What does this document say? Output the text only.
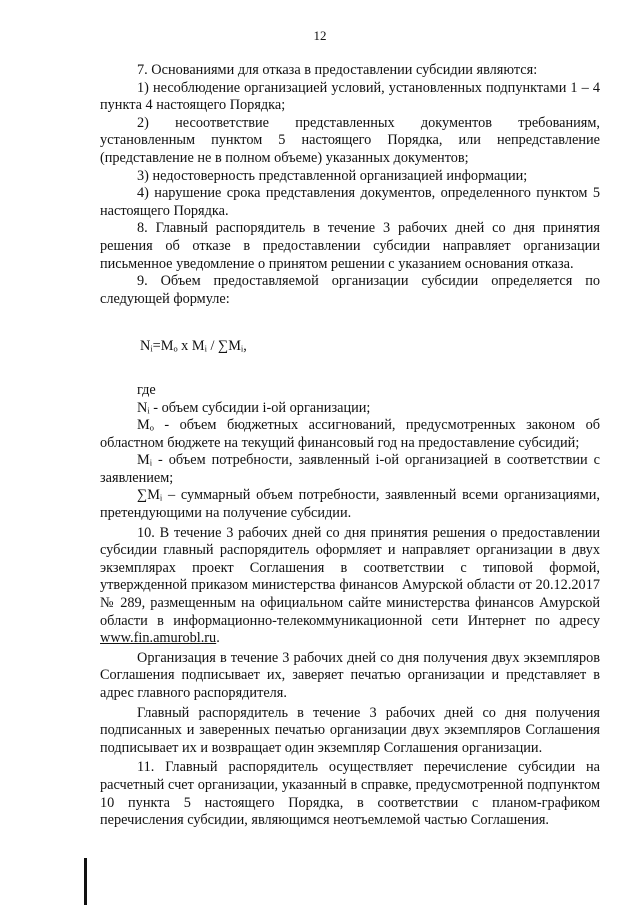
12

7. Основаниями для отказа в предоставлении субсидии являются:

1) несоблюдение организацией условий, установленных подпунктами 1 – 4 пункта 4 настоящего Порядка;

2) несоответствие представленных документов требованиям, установленным пунктом 5 настоящего Порядка, или непредставление (представление не в полном объеме) указанных документов;

3) недостоверность представленной организацией информации;

4) нарушение срока представления документов, определенного пунктом 5 настоящего Порядка.

8. Главный распорядитель в течение 3 рабочих дней со дня принятия решения об отказе в предоставлении субсидии направляет организации письменное уведомление о принятом решении с указанием основания отказа.

9. Объем предоставляемой организации субсидии определяется по следующей формуле:

Nᵢ=Mₒ x Mᵢ / ∑Mᵢ,

где

Nᵢ - объем субсидии i-ой организации;

Mₒ - объем бюджетных ассигнований, предусмотренных законом об областном бюджете на текущий финансовый год на предоставление субсидий;

Mᵢ - объем потребности, заявленный i-ой организацией в соответствии с заявлением;

∑Mᵢ – суммарный объем потребности, заявленный всеми организациями, претендующими на получение субсидии.

10. В течение 3 рабочих дней со дня принятия решения о предоставлении субсидии главный распорядитель оформляет и направляет организации в двух экземплярах проект Соглашения в соответствии с типовой формой, утвержденной приказом министерства финансов Амурской области от 20.12.2017 № 289, размещенным на официальном сайте министерства финансов Амурской области в информационно-телекоммуникационной сети Интернет по адресу www.fin.amurobl.ru.

Организация в течение 3 рабочих дней со дня получения двух экземпляров Соглашения подписывает их, заверяет печатью организации и представляет в адрес главного распорядителя.

Главный распорядитель в течение 3 рабочих дней со дня получения подписанных и заверенных печатью организации двух экземпляров Соглашения подписывает их и возвращает один экземпляр Соглашения организации.

11. Главный распорядитель осуществляет перечисление субсидии на расчетный счет организации, указанный в справке, предусмотренной подпунктом 10 пункта 5 настоящего Порядка, в соответствии с планом-графиком перечисления субсидии, являющимся неотъемлемой частью Соглашения.
